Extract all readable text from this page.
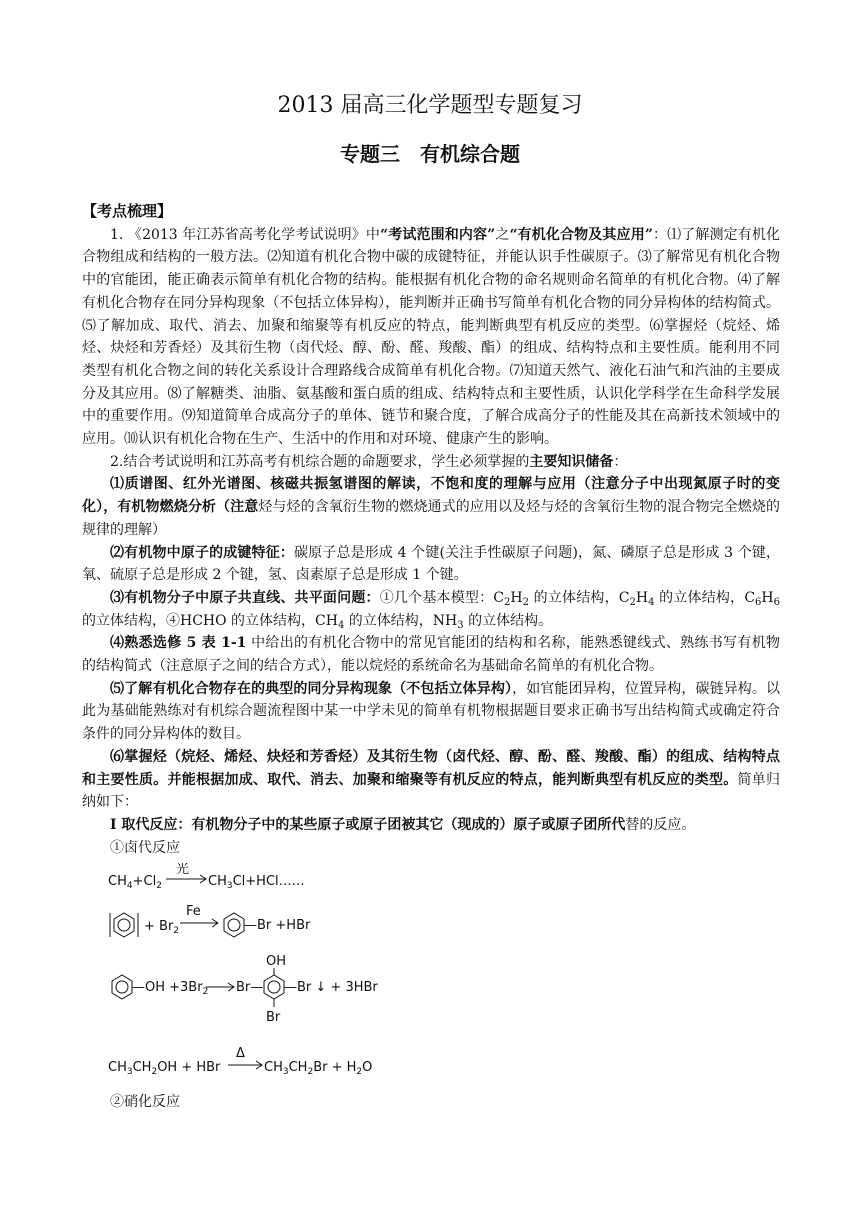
2013 届高三化学题型专题复习
专题三　有机综合题
【考点梳理】

1. 《2013 年江苏省高考化学考试说明》中“考试范围和内容”之“有机化合物及其应用”：⑴了解测定有机化合物组成和结构的一般方法。⑵知道有机化合物中碳的成键特征，并能认识手性碳原子。⑶了解常见有机化合物中的官能团，能正确表示简单有机化合物的结构。能根据有机化合物的命名规则命名简单的有机化合物。⑷了解有机化合物存在同分异构现象（不包括立体异构），能判断并正确书写简单有机化合物的同分异构体的结构简式。⑸了解加成、取代、消去、加聚和缩聚等有机反应的特点，能判断典型有机反应的类型。⑹掌握烃（烷烃、烯烃、炔烃和芳香烃）及其衍生物（卤代烃、醇、酚、醛、羧酸、酯）的组成、结构特点和主要性质。能利用不同类型有机化合物之间的转化关系设计合理路线合成简单有机化合物。⑺知道天然气、液化石油气和汽油的主要成分及其应用。⑻了解糖类、油脂、氨基酸和蛋白质的组成、结构特点和主要性质，认识化学科学在生命科学发展中的重要作用。⑼知道简单合成高分子的单体、链节和聚合度，了解合成高分子的性能及其在高新技术领域中的应用。⑽认识有机化合物在生产、生活中的作用和对环境、健康产生的影响。

2.结合考试说明和江苏高考有机综合题的命题要求，学生必须掌握的主要知识储备：

⑴质谱图、红外光谱图、核磁共振氢谱图的解读，不饱和度的理解与应用（注意分子中出现氮原子时的变化），有机物燃烧分析（注意烃与烃的含氧衍生物的燃烧通式的应用以及烃与烃的含氧衍生物的混合物完全燃烧的规律的理解）

⑵有机物中原子的成键特征：碳原子总是形成 4 个键(关注手性碳原子问题)，氮、磷原子总是形成 3 个键，氧、硫原子总是形成 2 个键，氢、卤素原子总是形成 1 个键。

⑶有机物分子中原子共直线、共平面问题：①几个基本模型：$C_2H_2$ 的立体结构，$C_2H_4$ 的立体结构，$C_6H_6$ 的立体结构，④HCHO 的立体结构，$CH_4$ 的立体结构，$NH_3$ 的立体结构。

⑷熟悉选修 5 表 1-1 中给出的有机化合物中的常见官能团的结构和名称，能熟悉键线式、熟练书写有机物的结构简式（注意原子之间的结合方式），能以烷烃的系统命名为基础命名简单的有机化合物。

⑸了解有机化合物存在的典型的同分异构现象（不包括立体异构），如官能团异构，位置异构，碳链异构。以此为基础能熟练对有机综合题流程图中某一中学未见的简单有机物根据题目要求正确书写出结构简式或确定符合条件的同分异构体的数目。

⑹掌握烃（烷烃、烯烃、炔烃和芳香烃）及其衍生物（卤代烃、醇、酚、醛、羧酸、酯）的组成、结构特点和主要性质。并能根据加成、取代、消去、加聚和缩聚等有机反应的特点，能判断典型有机反应的类型。简单归纳如下：

Ⅰ 取代反应：有机物分子中的某些原子或原子团被其它（现成的）原子或原子团所代替的反应。

①卤代反应

$CH_4+Cl_2$
光
$CH_3Cl+HCl\dots\dots$
+ $Br_2$
Fe
—Br +HBr
—OH $+3Br_2$
OH
Br— —Br ↓ + 3HBr
Br
$CH_3CH_2OH$ + HBr
Δ
$CH_3CH_2Br + H_2O$

②硝化反应
